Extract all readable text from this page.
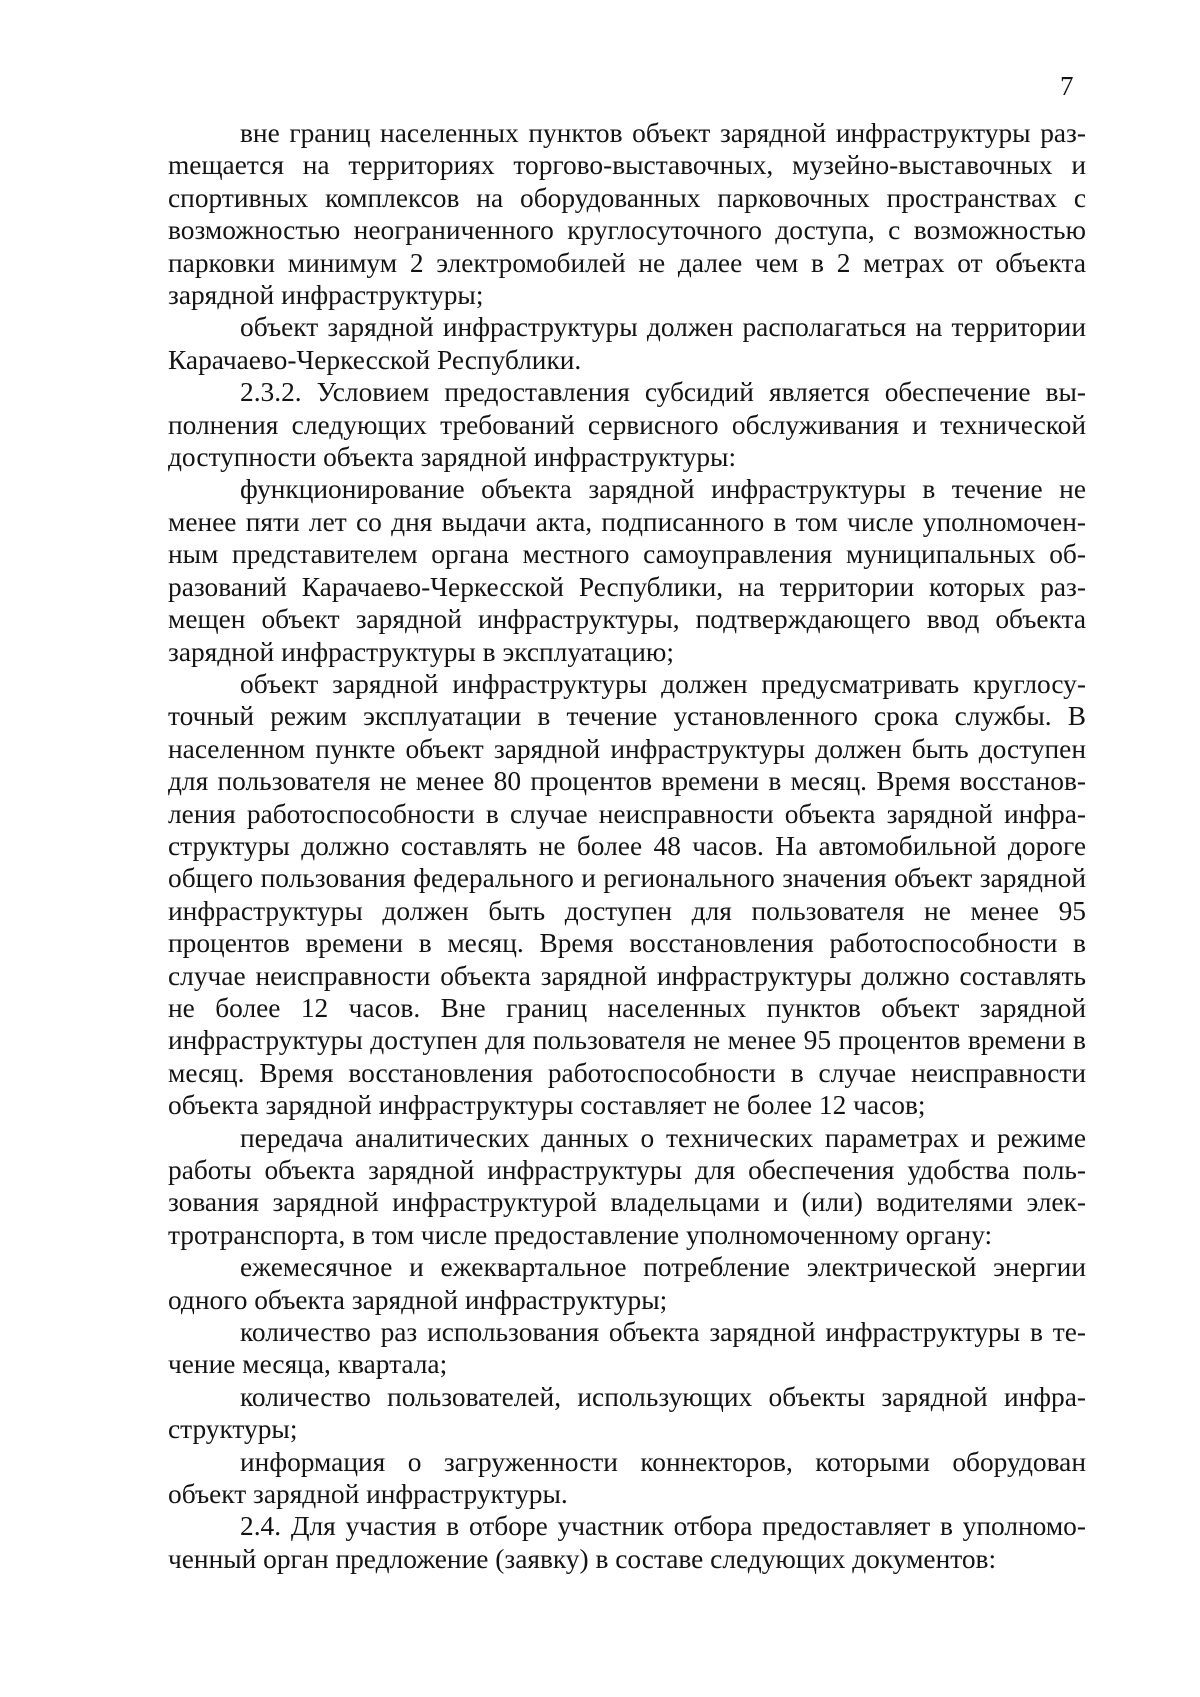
7

вне границ населенных пунктов объект зарядной инфраструктуры разmещается на территориях торгово-выставочных, музейно-выставочных и спортивных комплексов на оборудованных парковочных пространствах с возможностью неограниченного круглосуточного доступа, с возможностью парковки минимум 2 электромобилей не далее чем в 2 метрах от объекта зарядной инфраструктуры;

объект зарядной инфраструктуры должен располагаться на территории Карачаево-Черкесской Республики.

2.3.2. Условием предоставления субсидий является обеспечение выполнения следующих требований сервисного обслуживания и технической доступности объекта зарядной инфраструктуры:

функционирование объекта зарядной инфраструктуры в течение не менее пяти лет со дня выдачи акта, подписанного в том числе уполномоченным представителем органа местного самоуправления муниципальных образований Карачаево-Черкесской Республики, на территории которых размещен объект зарядной инфраструктуры, подтверждающего ввод объекта зарядной инфраструктуры в эксплуатацию;

объект зарядной инфраструктуры должен предусматривать круглосуточный режим эксплуатации в течение установленного срока службы. В населенном пункте объект зарядной инфраструктуры должен быть доступен для пользователя не менее 80 процентов времени в месяц. Время восстановления работоспособности в случае неисправности объекта зарядной инфраструктуры должно составлять не более 48 часов. На автомобильной дороге общего пользования федерального и регионального значения объект зарядной инфраструктуры должен быть доступен для пользователя не менее 95 процентов времени в месяц. Время восстановления работоспособности в случае неисправности объекта зарядной инфраструктуры должно составлять не более 12 часов. Вне границ населенных пунктов объект зарядной инфраструктуры доступен для пользователя не менее 95 процентов времени в месяц. Время восстановления работоспособности в случае неисправности объекта зарядной инфраструктуры составляет не более 12 часов;

передача аналитических данных о технических параметрах и режиме работы объекта зарядной инфраструктуры для обеспечения удобства пользования зарядной инфраструктурой владельцами и (или) водителями электротранспорта, в том числе предоставление уполномоченному органу:

ежемесячное и ежеквартальное потребление электрической энергии одного объекта зарядной инфраструктуры;

количество раз использования объекта зарядной инфраструктуры в течение месяца, квартала;

количество пользователей, использующих объекты зарядной инфраструктуры;

информация о загруженности коннекторов, которыми оборудован объект зарядной инфраструктуры.

2.4. Для участия в отборе участник отбора предоставляет в уполномоченный орган предложение (заявку) в составе следующих документов:
